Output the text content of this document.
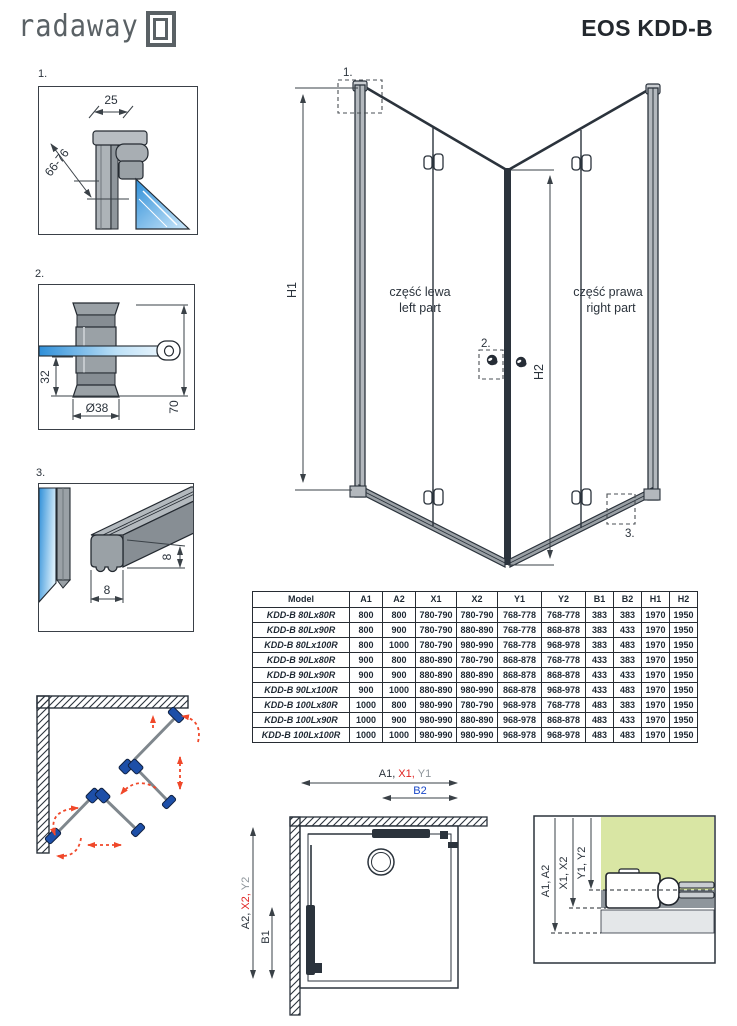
radaway	EOS KDD-B
1.
25
66-76
2.
32
Ø38	70
3.
8
8
H1
H2
1.
2.
3.
część lewa
left part
część prawa
right part
Model	A1	A2	X1	X2	Y1	Y2	B1	B2	H1	H2
KDD-B 80Lx80R	800	800	780-790	780-790	768-778	768-778	383	383	1970	1950
KDD-B 80Lx90R	800	900	780-790	880-890	768-778	868-878	383	433	1970	1950
KDD-B 80Lx100R	800	1000	780-790	980-990	768-778	968-978	383	483	1970	1950
KDD-B 90Lx80R	900	800	880-890	780-790	868-878	768-778	433	383	1970	1950
KDD-B 90Lx90R	900	900	880-890	880-890	868-878	868-878	433	433	1970	1950
KDD-B 90Lx100R	900	1000	880-890	980-990	868-878	968-978	433	483	1970	1950
KDD-B 100Lx80R	1000	800	980-990	780-790	968-978	768-778	483	383	1970	1950
KDD-B 100Lx90R	1000	900	980-990	880-890	968-978	868-878	483	433	1970	1950
KDD-B 100Lx100R	1000	1000	980-990	980-990	968-978	968-978	483	483	1970	1950
A1, X1, Y1
B2
A2,X2,Y2
B1
A1, A2 X1, X2 Y1, Y2
